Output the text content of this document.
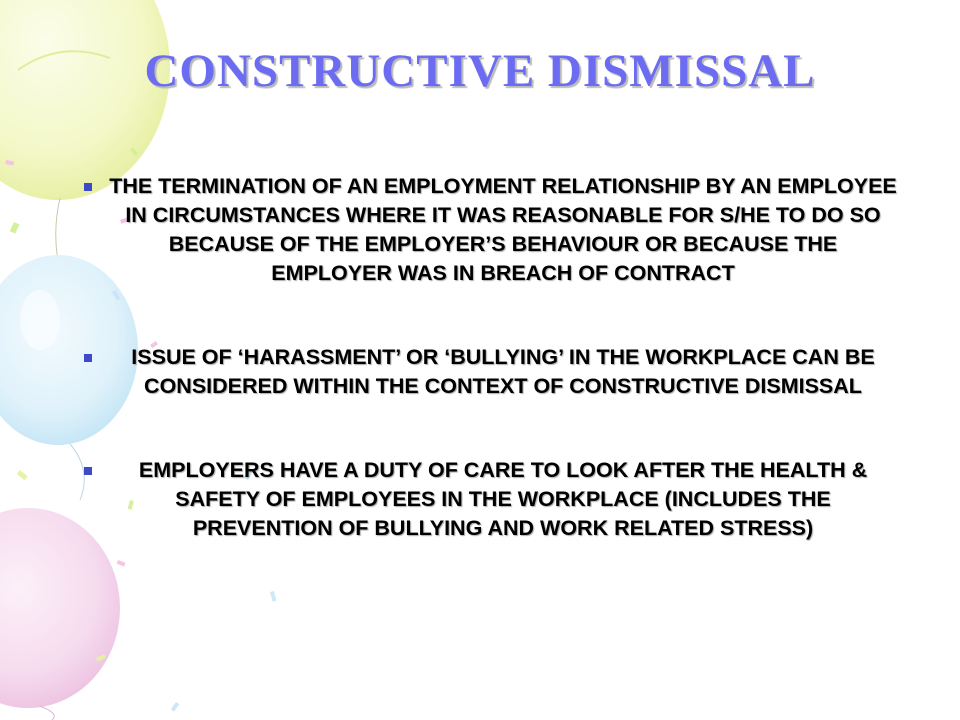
CONSTRUCTIVE DISMISSAL
THE TERMINATION OF AN EMPLOYMENT RELATIONSHIP BY AN EMPLOYEE IN CIRCUMSTANCES WHERE IT WAS REASONABLE FOR S/HE TO DO SO BECAUSE OF THE EMPLOYER’S BEHAVIOUR OR BECAUSE THE EMPLOYER WAS IN BREACH OF CONTRACT
ISSUE OF ‘HARASSMENT’ OR ‘BULLYING’ IN THE WORKPLACE CAN BE CONSIDERED WITHIN THE CONTEXT OF CONSTRUCTIVE DISMISSAL
EMPLOYERS HAVE A DUTY OF CARE TO LOOK AFTER THE HEALTH & SAFETY OF EMPLOYEES IN THE WORKPLACE (INCLUDES THE PREVENTION OF BULLYING AND WORK RELATED STRESS)
